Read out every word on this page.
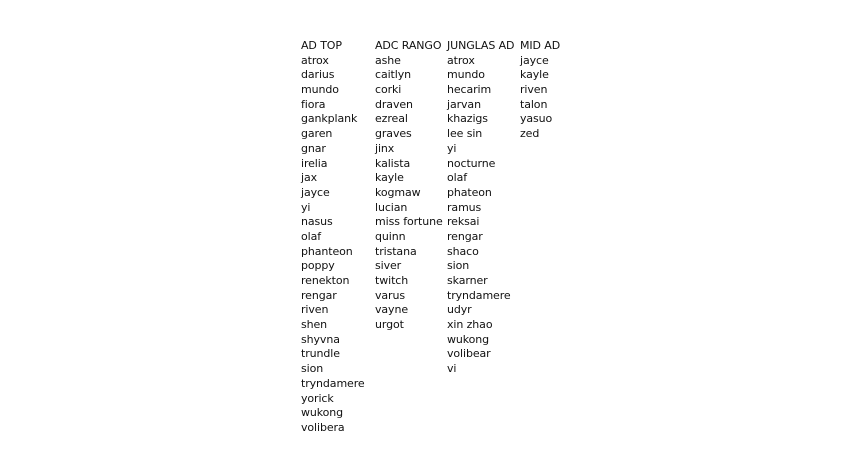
AD TOP
atrox
darius
mundo
fiora
gankplank
garen
gnar
irelia
jax
jayce
yi
nasus
olaf
phanteon
poppy
renekton
rengar
riven
shen
shyvna
trundle
sion
tryndamere
yorick
wukong
volibera
ADC RANGO
ashe
caitlyn
corki
draven
ezreal
graves
jinx
kalista
kayle
kogmaw
lucian
miss fortune
quinn
tristana
siver
twitch
varus
vayne
urgot
JUNGLAS AD
atrox
mundo
hecarim
jarvan
khazigs
lee sin
yi
nocturne
olaf
phateon
ramus
reksai
rengar
shaco
sion
skarner
tryndamere
udyr
xin zhao
wukong
volibear
vi
MID AD
jayce
kayle
riven
talon
yasuo
zed
